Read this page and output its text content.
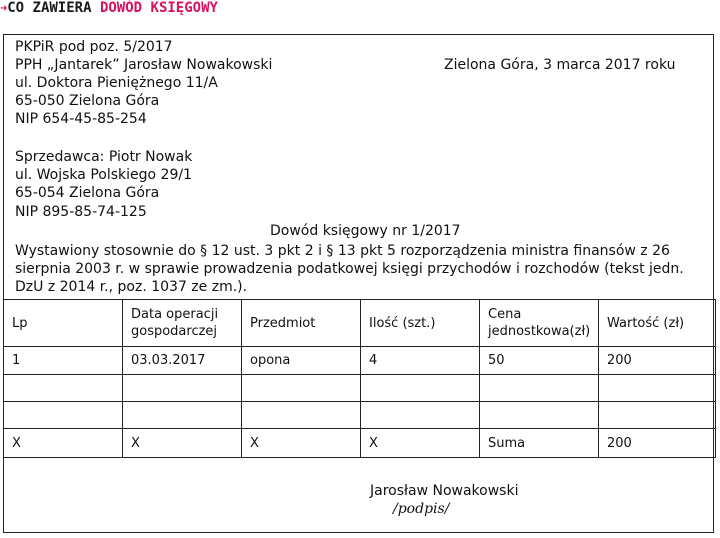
➜CO ZAWIERA DOWÓD KSIĘGOWY
PKPiR pod poz. 5/2017
PPH „Jantarek” Jarosław Nowakowski	Zielona Góra, 3 marca 2017 roku
ul. Doktora Pieniężnego 11/A
65-050 Zielona Góra
NIP 654-45-85-254
Sprzedawca: Piotr Nowak
ul. Wojska Polskiego 29/1
65-054 Zielona Góra
NIP 895-85-74-125
Dowód księgowy nr 1/2017
Wystawiony stosownie do § 12 ust. 3 pkt 2 i § 13 pkt 5 rozporządzenia ministra finansów z 26 sierpnia 2003 r. w sprawie prowadzenia podatkowej księgi przychodów i rozchodów (tekst jedn. DzU z 2014 r., poz. 1037 ze zm.).
Lp	Data operacji gospodarczej	Przedmiot	Ilość (szt.)	Cena jednostkowa(zł)	Wartość (zł)
1	03.03.2017	opona	4	50	200

X	X	X	X	Suma	200
Jarosław Nowakowski
/podpis/
